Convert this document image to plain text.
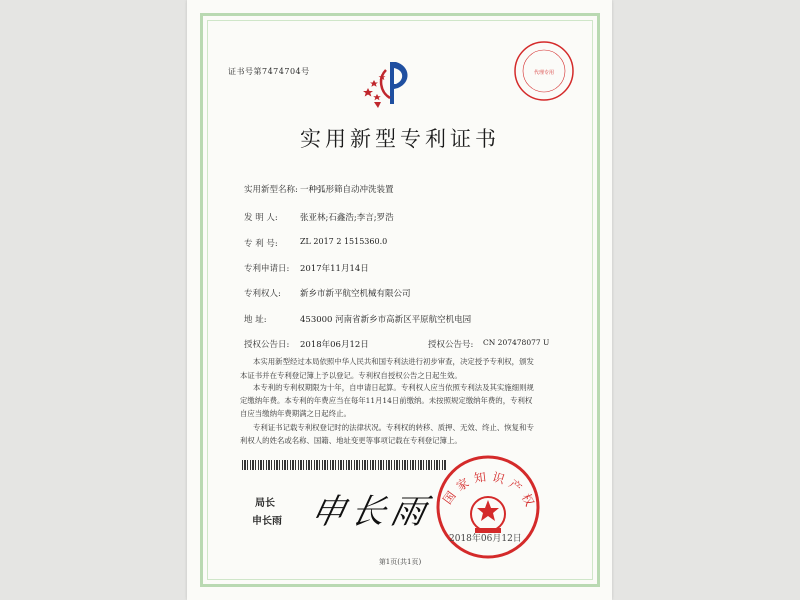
证书号第7474704号	代理专用
实用新型专利证书
实用新型名称: 一种弧形筛自动冲洗装置
发 明 人:	张亚林;石鑫浩;李言;罗浩
专 利 号:	ZL 2017 2 1515360.0
专利申请日: 2017年11月14日
专利权人: 新乡市新平航空机械有限公司
地 址:	453000 河南省新乡市高新区平原航空机电园
授权公告日: 2018年06月12日	授权公告号: CN 207478077 U
本实用新型经过本局依照中华人民共和国专利法进行初步审查，决定授予专利权，颁发
本证书并在专利登记簿上予以登记。专利权自授权公告之日起生效。
本专利的专利权期限为十年，自申请日起算。专利权人应当依照专利法及其实施细则规
定缴纳年费。本专利的年费应当在每年11月14日前缴纳。未按照规定缴纳年费的，专利权
自应当缴纳年费期满之日起终止。
专利证书记载专利权登记时的法律状况。专利权的转移、质押、无效、终止、恢复和专
利权人的姓名或名称、国籍、地址变更等事项记载在专利登记簿上。
局长
申长雨 申长雨 国家知识产权
2018年06月12日
第1页(共1页)
